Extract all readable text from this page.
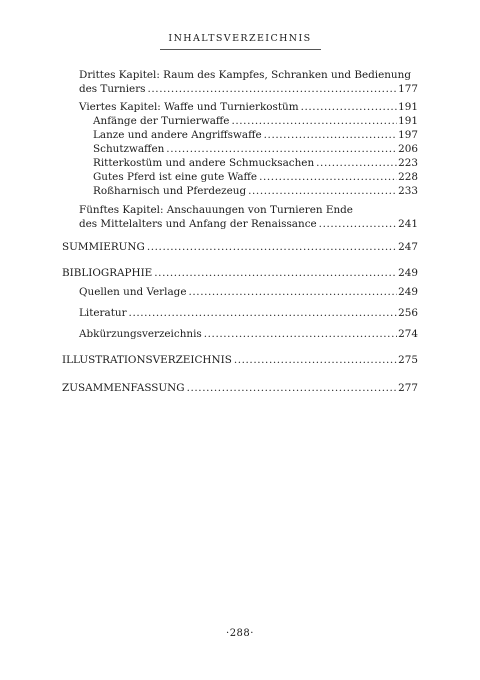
INHALTSVERZEICHNIS
Drittes Kapitel: Raum des Kampfes, Schranken und Bedienung
des Turniers .....	177
Viertes Kapitel: Waffe und Turnierkostüm .....	191
Anfänge der Turnierwaffe .....	191
Lanze und andere Angriffswaffe .....	197
Schutzwaffen .....	206
Ritterkostüm und andere Schmucksachen .....	223
Gutes Pferd ist eine gute Waffe .....	228
Roßharnisch und Pferdezeug .....	233
Fünftes Kapitel: Anschauungen von Turnieren Ende
des Mittelalters und Anfang der Renaissance .....	241
SUMMIERUNG .....	247
BIBLIOGRAPHIE .....	249
Quellen und Verlage .....	249
Literatur .....	256
Abkürzungsverzeichnis .....	274
ILLUSTRATIONSVERZEICHNIS .....	275
ZUSAMMENFASSUNG .....	277
·288·
